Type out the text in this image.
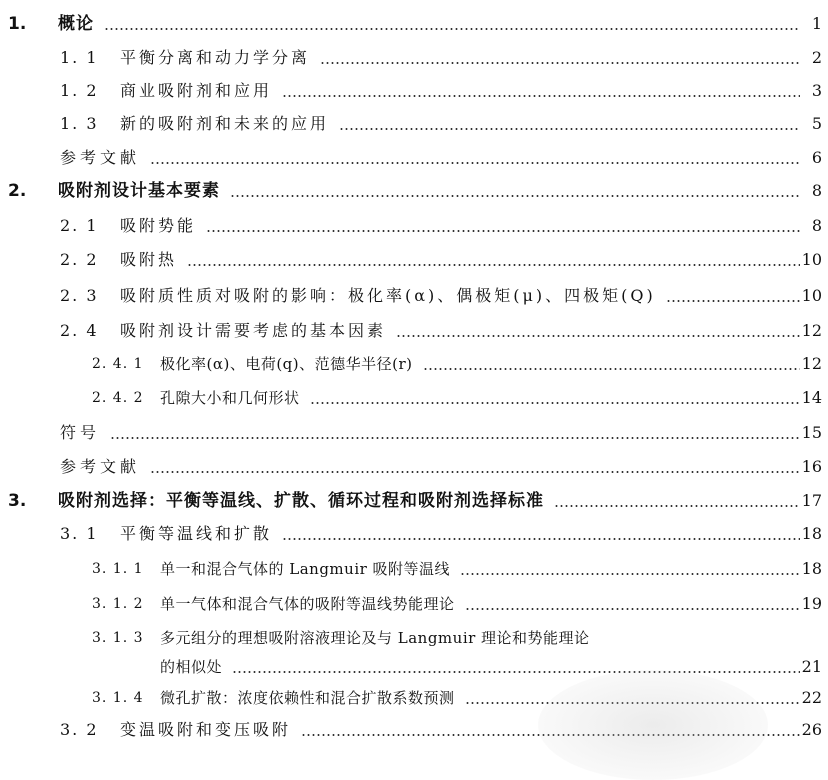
1. 概论	1
1. 1 平衡分离和动力学分离	2
1. 2 商业吸附剂和应用	3
1. 3 新的吸附剂和未来的应用	5
参考文献	6
2. 吸附剂设计基本要素	8
2. 1 吸附势能	8
2. 2 吸附热	10
2. 3 吸附质性质对吸附的影响：极化率(α)、偶极矩(μ)、四极矩(Q)	10
2. 4 吸附剂设计需要考虑的基本因素	12
2. 4. 1 极化率(α)、电荷(q)、范德华半径(r)	12
2. 4. 2 孔隙大小和几何形状	14
符号	15
参考文献	16
3. 吸附剂选择：平衡等温线、扩散、循环过程和吸附剂选择标准	17
3. 1 平衡等温线和扩散	18
3. 1. 1 单一和混合气体的 Langmuir 吸附等温线	18
3. 1. 2 单一气体和混合气体的吸附等温线势能理论	19
3. 1. 3 多元组分的理想吸附溶液理论及与 Langmuir 理论和势能理论
的相似处	21
3. 1. 4 微孔扩散：浓度依赖性和混合扩散系数预测	22
3. 2 变温吸附和变压吸附	26
